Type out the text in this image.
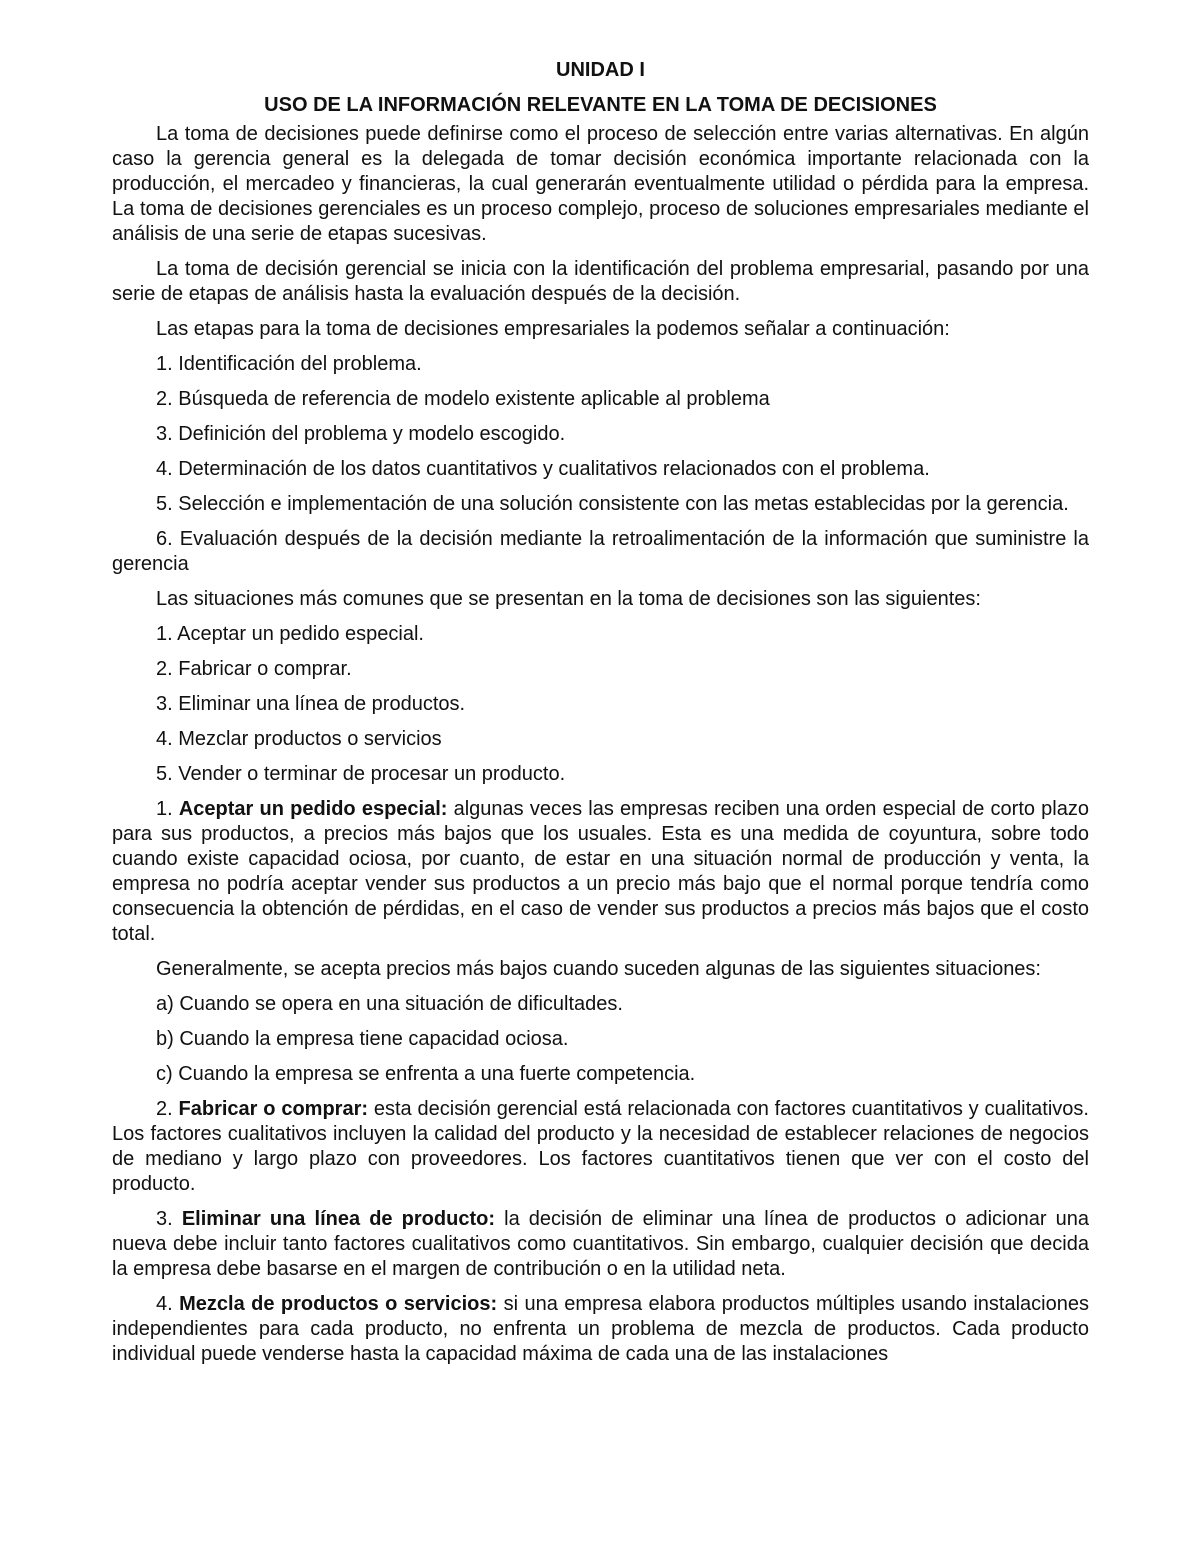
UNIDAD I
USO DE LA INFORMACIÓN RELEVANTE EN LA TOMA DE DECISIONES

La toma de decisiones puede definirse como el proceso de selección entre varias alternativas. En algún caso la gerencia general es la delegada de tomar decisión económica importante relacionada con la producción, el mercadeo y financieras, la cual generarán eventualmente utilidad o pérdida para la empresa. La toma de decisiones gerenciales es un proceso complejo, proceso de soluciones empresariales mediante el análisis de una serie de etapas sucesivas.

La toma de decisión gerencial se inicia con la identificación del problema empresarial, pasando por una serie de etapas de análisis hasta la evaluación después de la decisión.

Las etapas para la toma de decisiones empresariales la podemos señalar a continuación:

1. Identificación del problema.

2. Búsqueda de referencia de modelo existente aplicable al problema

3. Definición del problema y modelo escogido.

4. Determinación de los datos cuantitativos y cualitativos relacionados con el problema.

5. Selección e implementación de una solución consistente con las metas establecidas por la gerencia.

6. Evaluación después de la decisión mediante la retroalimentación de la información que suministre la gerencia

Las situaciones más comunes que se presentan en la toma de decisiones son las siguientes:

1. Aceptar un pedido especial.

2. Fabricar o comprar.

3. Eliminar una línea de productos.

4. Mezclar productos o servicios

5. Vender o terminar de procesar un producto.

1. Aceptar un pedido especial: algunas veces las empresas reciben una orden especial de corto plazo para sus productos, a precios más bajos que los usuales. Esta es una medida de coyuntura, sobre todo cuando existe capacidad ociosa, por cuanto, de estar en una situación normal de producción y venta, la empresa no podría aceptar vender sus productos a un precio más bajo que el normal porque tendría como consecuencia la obtención de pérdidas, en el caso de vender sus productos a precios más bajos que el costo total.

Generalmente, se acepta precios más bajos cuando suceden algunas de las siguientes situaciones:

a) Cuando se opera en una situación de dificultades.

b) Cuando la empresa tiene capacidad ociosa.

c) Cuando la empresa se enfrenta a una fuerte competencia.

2. Fabricar o comprar: esta decisión gerencial está relacionada con factores cuantitativos y cualitativos. Los factores cualitativos incluyen la calidad del producto y la necesidad de establecer relaciones de negocios de mediano y largo plazo con proveedores. Los factores cuantitativos tienen que ver con el costo del producto.

3. Eliminar una línea de producto: la decisión de eliminar una línea de productos o adicionar una nueva debe incluir tanto factores cualitativos como cuantitativos. Sin embargo, cualquier decisión que decida la empresa debe basarse en el margen de contribución o en la utilidad neta.

4. Mezcla de productos o servicios: si una empresa elabora productos múltiples usando instalaciones independientes para cada producto, no enfrenta un problema de mezcla de productos. Cada producto individual puede venderse hasta la capacidad máxima de cada una de las instalaciones
